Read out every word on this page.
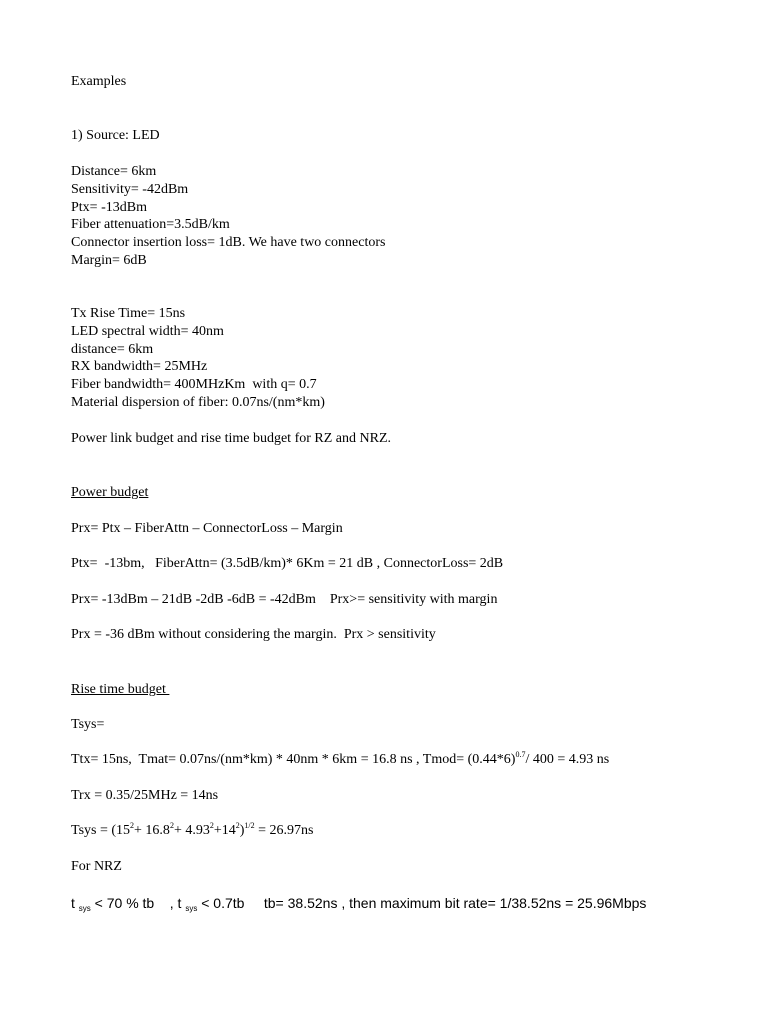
Examples
1) Source: LED
Distance= 6km
Sensitivity= -42dBm
Ptx= -13dBm
Fiber attenuation=3.5dB/km
Connector insertion loss= 1dB. We have two connectors
Margin= 6dB
Tx Rise Time= 15ns
LED spectral width= 40nm
distance= 6km
RX bandwidth= 25MHz
Fiber bandwidth= 400MHzKm  with q= 0.7
Material dispersion of fiber: 0.07ns/(nm*km)
Power link budget and rise time budget for RZ and NRZ.
Power budget
Prx= Ptx – FiberAttn – ConnectorLoss – Margin
Ptx=  -13bm,   FiberAttn= (3.5dB/km)* 6Km = 21 dB , ConnectorLoss= 2dB
Prx= -13dBm – 21dB -2dB -6dB = -42dBm    Prx>= sensitivity with margin
Prx = -36 dBm without considering the margin.  Prx > sensitivity
Rise time budget
Tsys=
Ttx= 15ns,  Tmat= 0.07ns/(nm*km) * 40nm * 6km = 16.8 ns , Tmod= $(0.44*6)^{0.7}/$ 400 = 4.93 ns
Trx = 0.35/25MHz = 14ns
Tsys = $(15^2+ 16.8^2+ 4.93^2+14^2)^{1/2} = 26.97ns$
For NRZ
t $_{sys}$ < 70 % tb    , t $_{sys}$ < 0.7tb     tb= 38.52ns , then maximum bit rate= 1/38.52ns = 25.96Mbps
